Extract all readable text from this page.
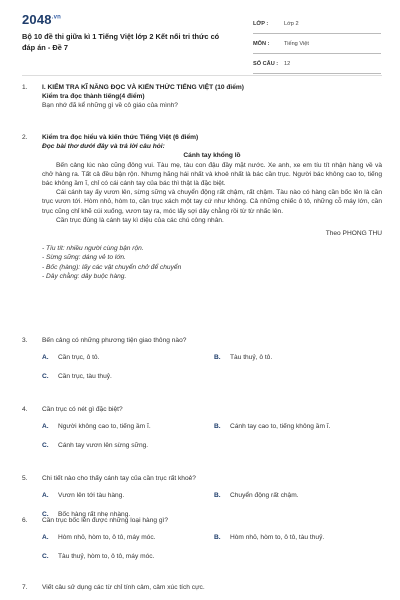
$2048^{.vn}$
Bộ 10 đề thi giữa kì 1 Tiếng Việt lớp 2 Kết nối tri thức có đáp án - Đề 7
LỚP :	Lớp 2
MÔN :	Tiếng Việt
SỐ CÂU :	12
1.	I. KIỂM TRA KĨ NĂNG ĐỌC VÀ KIẾN THỨC TIẾNG VIỆT (10 điểm)
Kiểm tra đọc thành tiếng(4 điểm)
Bạn nhớ đã kể những gì về cô giáo của mình?
2.	Kiểm tra đọc hiểu và kiến thức Tiếng Việt (6 điểm)
Đọc bài thơ dưới đây và trả lời câu hỏi:
Cánh tay khổng lồ
Bến cảng lúc nào cũng đông vui. Tàu mẹ, tàu con đậu đầy mặt nước. Xe anh, xe em tíu tít nhận hàng về và chở hàng ra. Tất cả đều bận rộn. Nhưng hăng hái nhất và khoẻ nhất là bác cần trục. Người bác không cao to, tiếng bác không ầm ĩ, chỉ có cái cánh tay của bác thì thật là đặc biệt.
Cái cánh tay ấy vươn lên, sừng sững và chuyển động rất chậm, rất chậm. Tàu nào có hàng cần bốc lên là cần trục vươn tới. Hòm nhỏ, hòm to, cần trục xách một tay cứ như không. Cả những chiếc ô tô, những cỗ máy lớn, cần trục cũng chỉ khẽ cúi xuống, vươn tay ra, móc lấy sợi dây chằng rồi từ từ nhấc lên.
Cần trục đúng là cánh tay kì diệu của các chú công nhân.
Theo PHONG THU
- Tíu tít: nhiều người cùng bận rộn.
- Sừng sững: dáng vẻ to lớn.
- Bốc (hàng): lấy các vật chuyển chở để chuyển
- Dây chằng: dây buộc hàng.
3.	Bến cảng có những phương tiện giao thông nào?
A.	Cần trục, ô tô.	B.	Tàu thuỷ, ô tô.
C.	Cần trục, tàu thuỷ.
4.	Cần trục có nét gì đặc biệt?
A.	Người không cao to, tiếng ầm ĩ.	B.	Cánh tay cao to, tiếng không ầm ĩ.
C.	Cánh tay vươn lên sừng sững.
5.	Chi tiết nào cho thấy cánh tay của cần trục rất khoẻ?
A.	Vươn lên tới tàu hàng.	B.	Chuyển động rất chậm.
C.	Bốc hàng rất nhẹ nhàng.
6.	Cần trục bốc lên được những loại hàng gì?
A.	Hòm nhỏ, hòm to, ô tô, máy móc.	B.	Hòm nhỏ, hòm to, ô tô, tàu thuỷ.
C.	Tàu thuỷ, hòm to, ô tô, máy móc.
7.	Viết câu sử dụng các từ chỉ tính cảm, cảm xúc tích cực.
